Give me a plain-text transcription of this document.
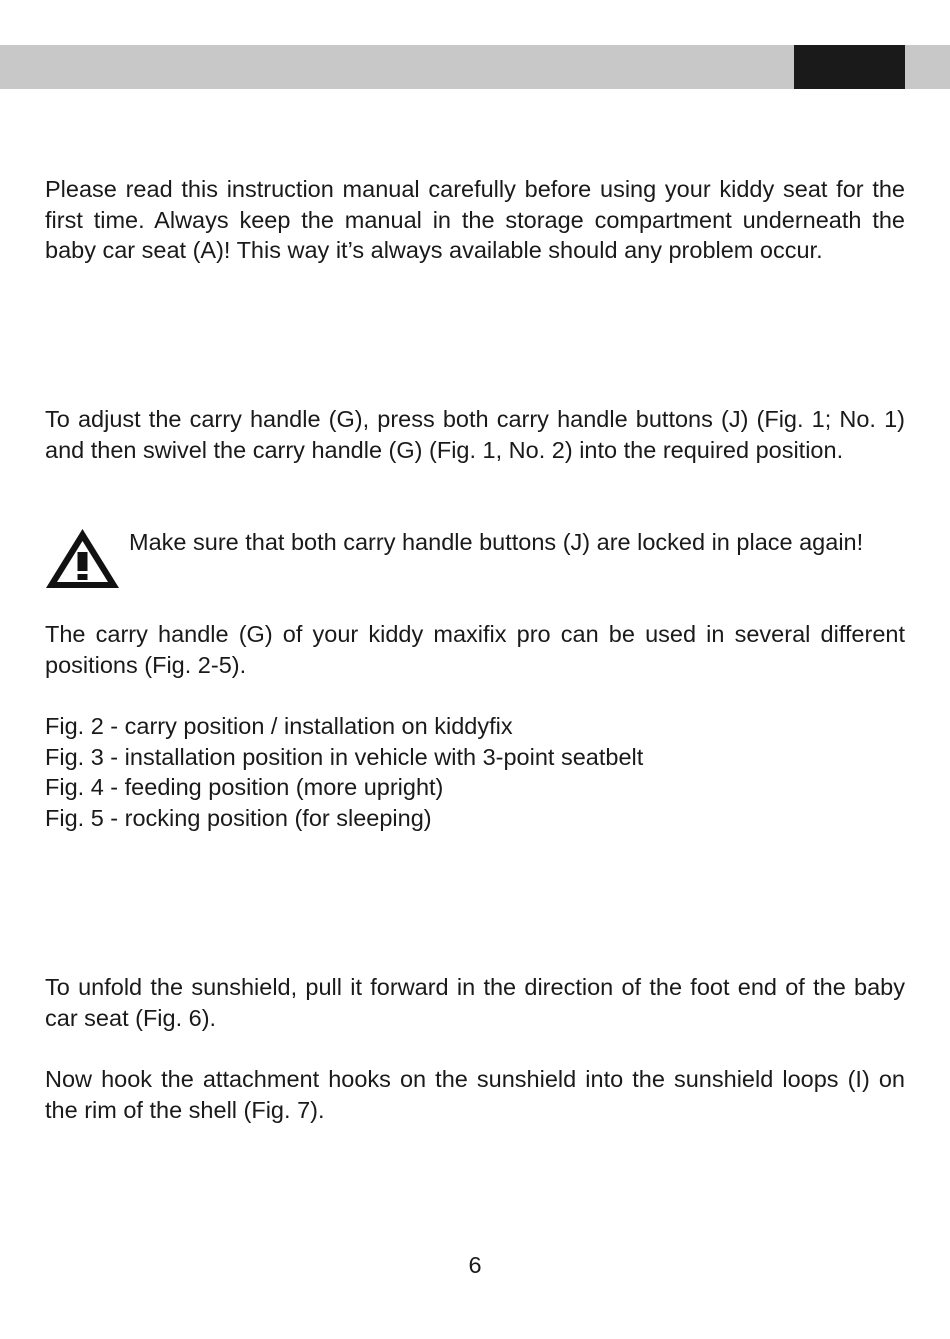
Please read this instruction manual carefully before using your kiddy seat for the first time. Always keep the manual in the storage compartment underneath the baby car seat (A)! This way it’s always available should any problem occur.

To adjust the carry handle (G), press both carry handle buttons (J) (Fig. 1; No. 1) and then swivel the carry handle (G) (Fig. 1, No. 2) into the required position.

Make sure that both carry handle buttons (J) are locked in place again!

The carry handle (G) of your kiddy maxifix pro can be used in several different positions (Fig. 2-5).

Fig. 2 - carry position / installation on kiddyfix
Fig. 3 - installation position in vehicle with 3-point seatbelt
Fig. 4 - feeding position (more upright)
Fig. 5 - rocking position (for sleeping)

To unfold the sunshield, pull it forward in the direction of the foot end of the baby car seat (Fig. 6).

Now hook the attachment hooks on the sunshield into the sunshield loops (I) on the rim of the shell (Fig. 7).

6
